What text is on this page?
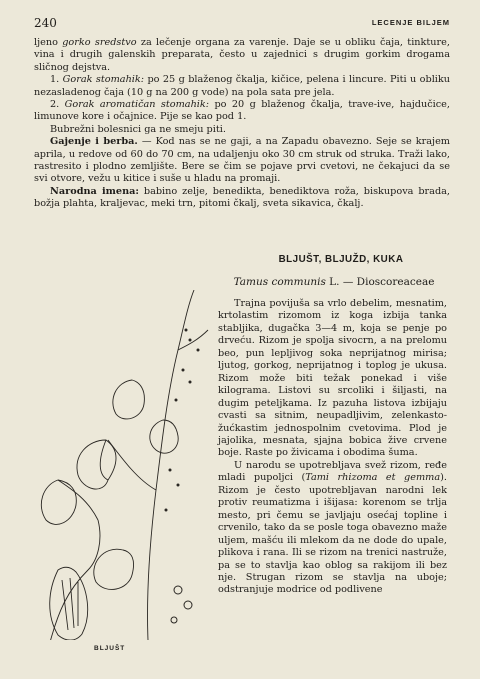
240	LECENJE BILJEM

ljeno gorko sredstvo za lečenje organa za varenje. Daje se u obliku čaja, tinkture, vina i drugih galenskih preparata, često u zajednici s drugim gorkim drogama sličnog dejstva.

1. Gorak stomahik: po 25 g blaženog čkalja, kičice, pelena i lincure. Piti u obliku nezasladenog čaja (10 g na 200 g vode) na pola sata pre jela.

2. Gorak aromatičan stomahik: po 20 g blaženog čkalja, trave-ive, hajdučice, limunove kore i očajnice. Pije se kao pod 1.

Bubrežni bolesnici ga ne smeju piti.

Gajenje i berba. — Kod nas se ne gaji, a na Zapadu obavezno. Seje se krajem aprila, u redove od 60 do 70 cm, na udaljenju oko 30 cm struk od struka. Traži lako, rastresito i plodno zemljište. Bere se čim se pojave prvi cvetovi, ne čekajuci da se svi otvore, vežu u kitice i suše u hladu na promaji.

Narodna imena: babino zelje, benedikta, benediktova roža, biskupova brada, božja plahta, kraljevac, meki trn, pitomi čkalj, sveta sikavica, čkalj.

BLJUŠT, BLJUŽD, KUKA
Tamus communis L. — Dioscoreaceae

Trajna povijuša sa vrlo debelim, mesnatim, krtolastim rizomom iz koga izbija tanka stabljika, dugačka 3—4 m, koja se penje po drveću. Rizom je spolja sivocrn, a na prelomu beo, pun lepljivog soka neprijatnog mirisa; ljutog, gorkog, neprijatnog i toplog je ukusa. Rizom može biti težak ponekad i više kilograma. Listovi su srcoliki i šiljasti, na dugim peteljkama. Iz pazuha listova izbijaju cvasti sa sitnim, neupadljivim, zelenkasto-žućkastim jednospolnim cvetovima. Plod je jajolika, mesnata, sjajna bobica žive crvene boje. Raste po živicama i obodima šuma.

U narodu se upotrebljava svež rizom, ređe mladi pupoljci (Tami rhizoma et gemma). Rizom je često upotrebljavan narodni lek protiv reumatizma i išijasa: korenom se trlja mesto, pri čemu se javljaju osećaj topline i crvenilo, tako da se posle toga obavezno maže uljem, mašću ili mlekom da ne dode do upale, plikova i rana. Ili se rizom na trenici nastruže, pa se to stavlja kao oblog sa rakijom ili bez nje. Strugan rizom se stavlja na uboje; odstranjuje modrice od podlivene

BLJUŠT
